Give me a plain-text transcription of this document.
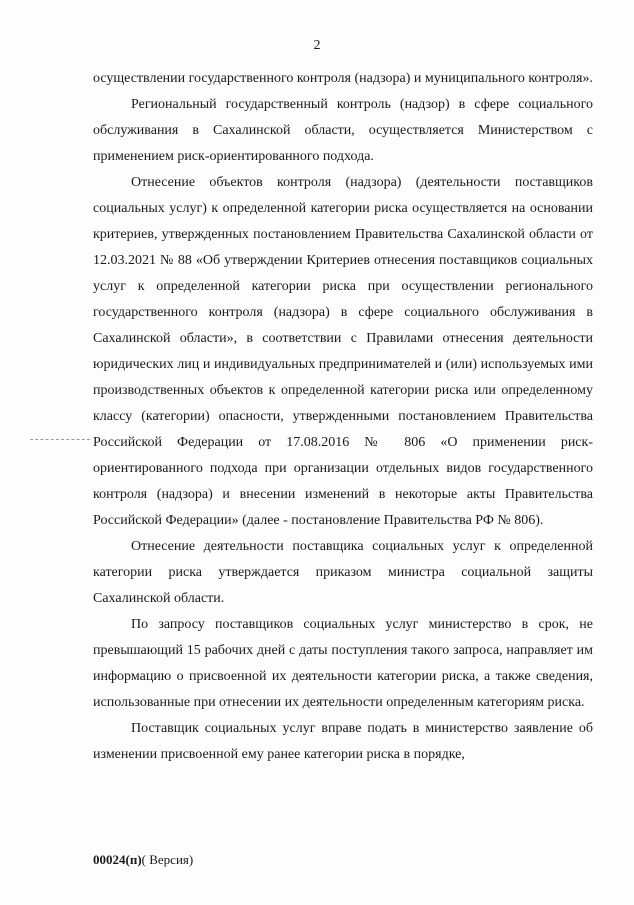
2

осуществлении государственного контроля (надзора) и муниципального контроля».

Региональный государственный контроль (надзор) в сфере социального обслуживания в Сахалинской области, осуществляется Министерством с применением риск-ориентированного подхода.

Отнесение объектов контроля (надзора) (деятельности поставщиков социальных услуг) к определенной категории риска осуществляется на основании критериев, утвержденных постановлением Правительства Сахалинской области от 12.03.2021 № 88 «Об утверждении Критериев отнесения поставщиков социальных услуг к определенной категории риска при осуществлении регионального государственного контроля (надзора) в сфере социального обслуживания в Сахалинской области», в соответствии с Правилами отнесения деятельности юридических лиц и индивидуальных предпринимателей и (или) используемых ими производственных объектов к определенной категории риска или определенному классу (категории) опасности, утвержденными постановлением Правительства Российской Федерации от 17.08.2016 № 806 «О применении риск-ориентированного подхода при организации отдельных видов государственного контроля (надзора) и внесении изменений в некоторые акты Правительства Российской Федерации» (далее - постановление Правительства РФ № 806).

Отнесение деятельности поставщика социальных услуг к определенной категории риска утверждается приказом министра социальной защиты Сахалинской области.

По запросу поставщиков социальных услуг министерство в срок, не превышающий 15 рабочих дней с даты поступления такого запроса, направляет им информацию о присвоенной их деятельности категории риска, а также сведения, использованные при отнесении их деятельности определенным категориям риска.

Поставщик социальных услуг вправе подать в министерство заявление об изменении присвоенной ему ранее категории риска в порядке,

00024(п)( Версия)
